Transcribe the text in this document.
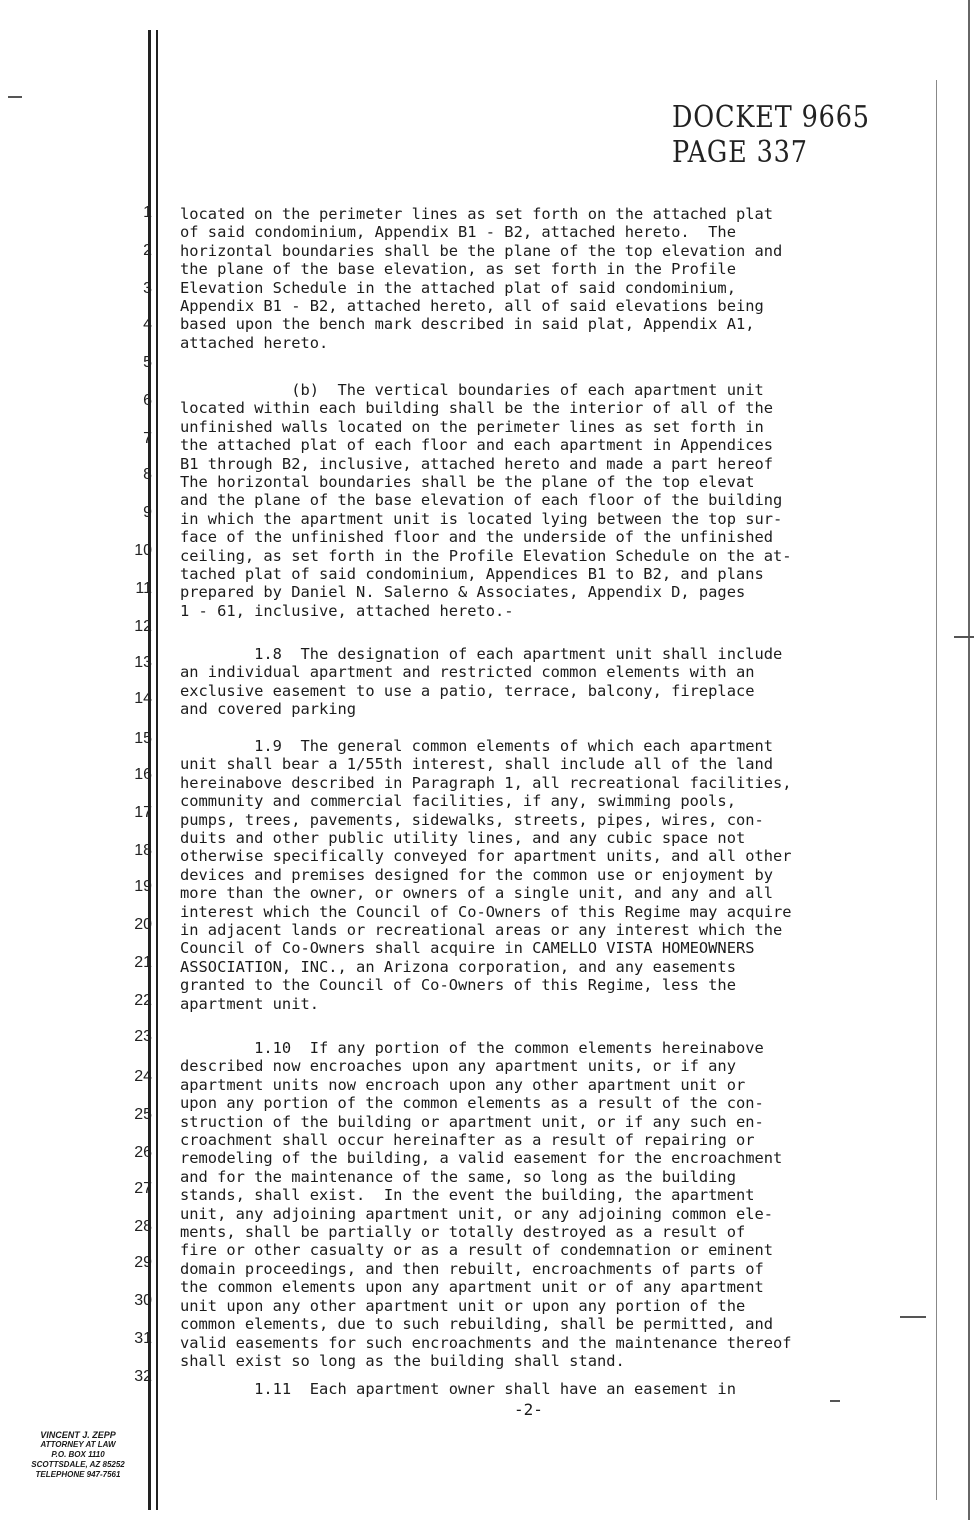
DOCKET 9665 PAGE 337
1
2
3
4
5
6
7
8
9
10
11
12
13
14
15
16
17
18
19
20
21
22
23
24
25
26
27
28
29
30
31
32

located on the perimeter lines as set forth on the attached plat
of said condominium, Appendix B1 - B2, attached hereto.  The
horizontal boundaries shall be the plane of the top elevation and
the plane of the base elevation, as set forth in the Profile
Elevation Schedule in the attached plat of said condominium,
Appendix B1 - B2, attached hereto, all of said elevations being
based upon the bench mark described in said plat, Appendix A1,
attached hereto.

(b)  The vertical boundaries of each apartment unit
located within each building shall be the interior of all of the
unfinished walls located on the perimeter lines as set forth in
the attached plat of each floor and each apartment in Appendices
B1 through B2, inclusive, attached hereto and made a part hereof
The horizontal boundaries shall be the plane of the top elevat
and the plane of the base elevation of each floor of the building
in which the apartment unit is located lying between the top sur-
face of the unfinished floor and the underside of the unfinished
ceiling, as set forth in the Profile Elevation Schedule on the at-
tached plat of said condominium, Appendices B1 to B2, and plans
prepared by Daniel N. Salerno & Associates, Appendix D, pages
1 - 61, inclusive, attached hereto.-

1.8  The designation of each apartment unit shall include
an individual apartment and restricted common elements with an
exclusive easement to use a patio, terrace, balcony, fireplace
and covered parking

1.9  The general common elements of which each apartment
unit shall bear a 1/55th interest, shall include all of the land
hereinabove described in Paragraph 1, all recreational facilities,
community and commercial facilities, if any, swimming pools,
pumps, trees, pavements, sidewalks, streets, pipes, wires, con-
duits and other public utility lines, and any cubic space not
otherwise specifically conveyed for apartment units, and all other
devices and premises designed for the common use or enjoyment by
more than the owner, or owners of a single unit, and any and all
interest which the Council of Co-Owners of this Regime may acquire
in adjacent lands or recreational areas or any interest which the
Council of Co-Owners shall acquire in CAMELLO VISTA HOMEOWNERS
ASSOCIATION, INC., an Arizona corporation, and any easements
granted to the Council of Co-Owners of this Regime, less the
apartment unit.

1.10  If any portion of the common elements hereinabove
described now encroaches upon any apartment units, or if any
apartment units now encroach upon any other apartment unit or
upon any portion of the common elements as a result of the con-
struction of the building or apartment unit, or if any such en-
croachment shall occur hereinafter as a result of repairing or
remodeling of the building, a valid easement for the encroachment
and for the maintenance of the same, so long as the building
stands, shall exist.  In the event the building, the apartment
unit, any adjoining apartment unit, or any adjoining common ele-
ments, shall be partially or totally destroyed as a result of
fire or other casualty or as a result of condemnation or eminent
domain proceedings, and then rebuilt, encroachments of parts of
the common elements upon any apartment unit or of any apartment
unit upon any other apartment unit or upon any portion of the
common elements, due to such rebuilding, shall be permitted, and
valid easements for such encroachments and the maintenance thereof
shall exist so long as the building shall stand.

1.11  Each apartment owner shall have an easement in

-2-
VINCENT J. ZEPP
ATTORNEY AT LAW
P.O. BOX 1110
SCOTTSDALE, AZ 85252
TELEPHONE 947-7561
